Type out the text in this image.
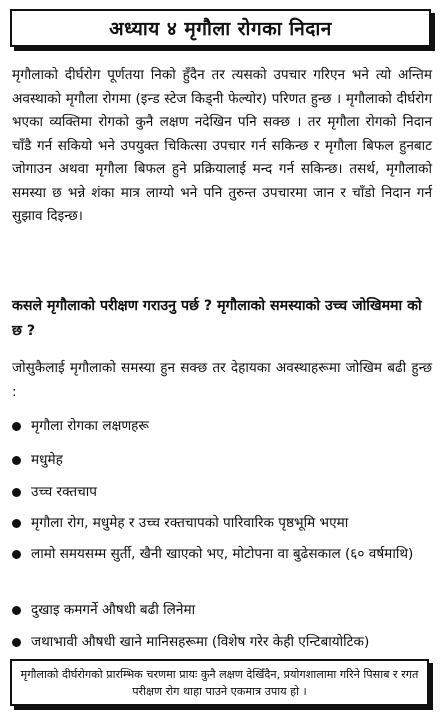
अध्याय ४ मृगौला रोगका निदान

मृगौलाको दीर्घरोग पूर्णतया निको हुँदैन तर त्यसको उपचार गरिएन भने त्यो अन्तिम अवस्थाको मृगौला रोगमा (इन्ड स्टेज किड्नी फेल्योर) परिणत हुन्छ । मृगौलाको दीर्घरोग भएका व्यक्तिमा रोगको कुनै लक्षण नदेखिन पनि सक्छ । तर मृगौला रोगको निदान चाँडै गर्न सकियो भने उपयुक्त चिकित्सा उपचार गर्न सकिन्छ र मृगौला बिफल हुनबाट जोगाउन अथवा मृगौला बिफल हुने प्रक्रियालाई मन्द गर्न सकिन्छ। तसर्थ, मृगौलाको समस्या छ भन्ने शंका मात्र लाग्यो भने पनि तुरुन्त उपचारमा जान र चाँडो निदान गर्न सुझाव दिइन्छ।

कसले मृगौलाको परीक्षण गराउनु पर्छ ? मृगौलाको समस्याको उच्च जोखिममा को छ ?

जोसुकैलाई मृगौलाको समस्या हुन सक्छ तर देहायका अवस्थाहरूमा जोखिम बढी हुन्छ :

मृगौला रोगका लक्षणहरू
मधुमेह
उच्च रक्तचाप
मृगौला रोग, मधुमेह र उच्च रक्तचापको पारिवारिक पृष्ठभूमि भएमा
लामो समयसम्म सुर्ती, खैनी खाएको भए, मोटोपना वा बुढेसकाल (६० वर्षमाथि)
दुखाइ कमगर्ने औषधी बढी लिनेमा
जथाभावी औषधी खाने मानिसहरूमा (विशेष गरेर केही एन्टिबायोटिक)
मृगौलाको दीर्घरोगको प्रारम्भिक चरणमा प्रायः कुनै लक्षण देखिँदैन, प्रयोगशालामा गरिने पिसाब र रगत परीक्षण रोग थाहा पाउने एकमात्र उपाय हो ।
